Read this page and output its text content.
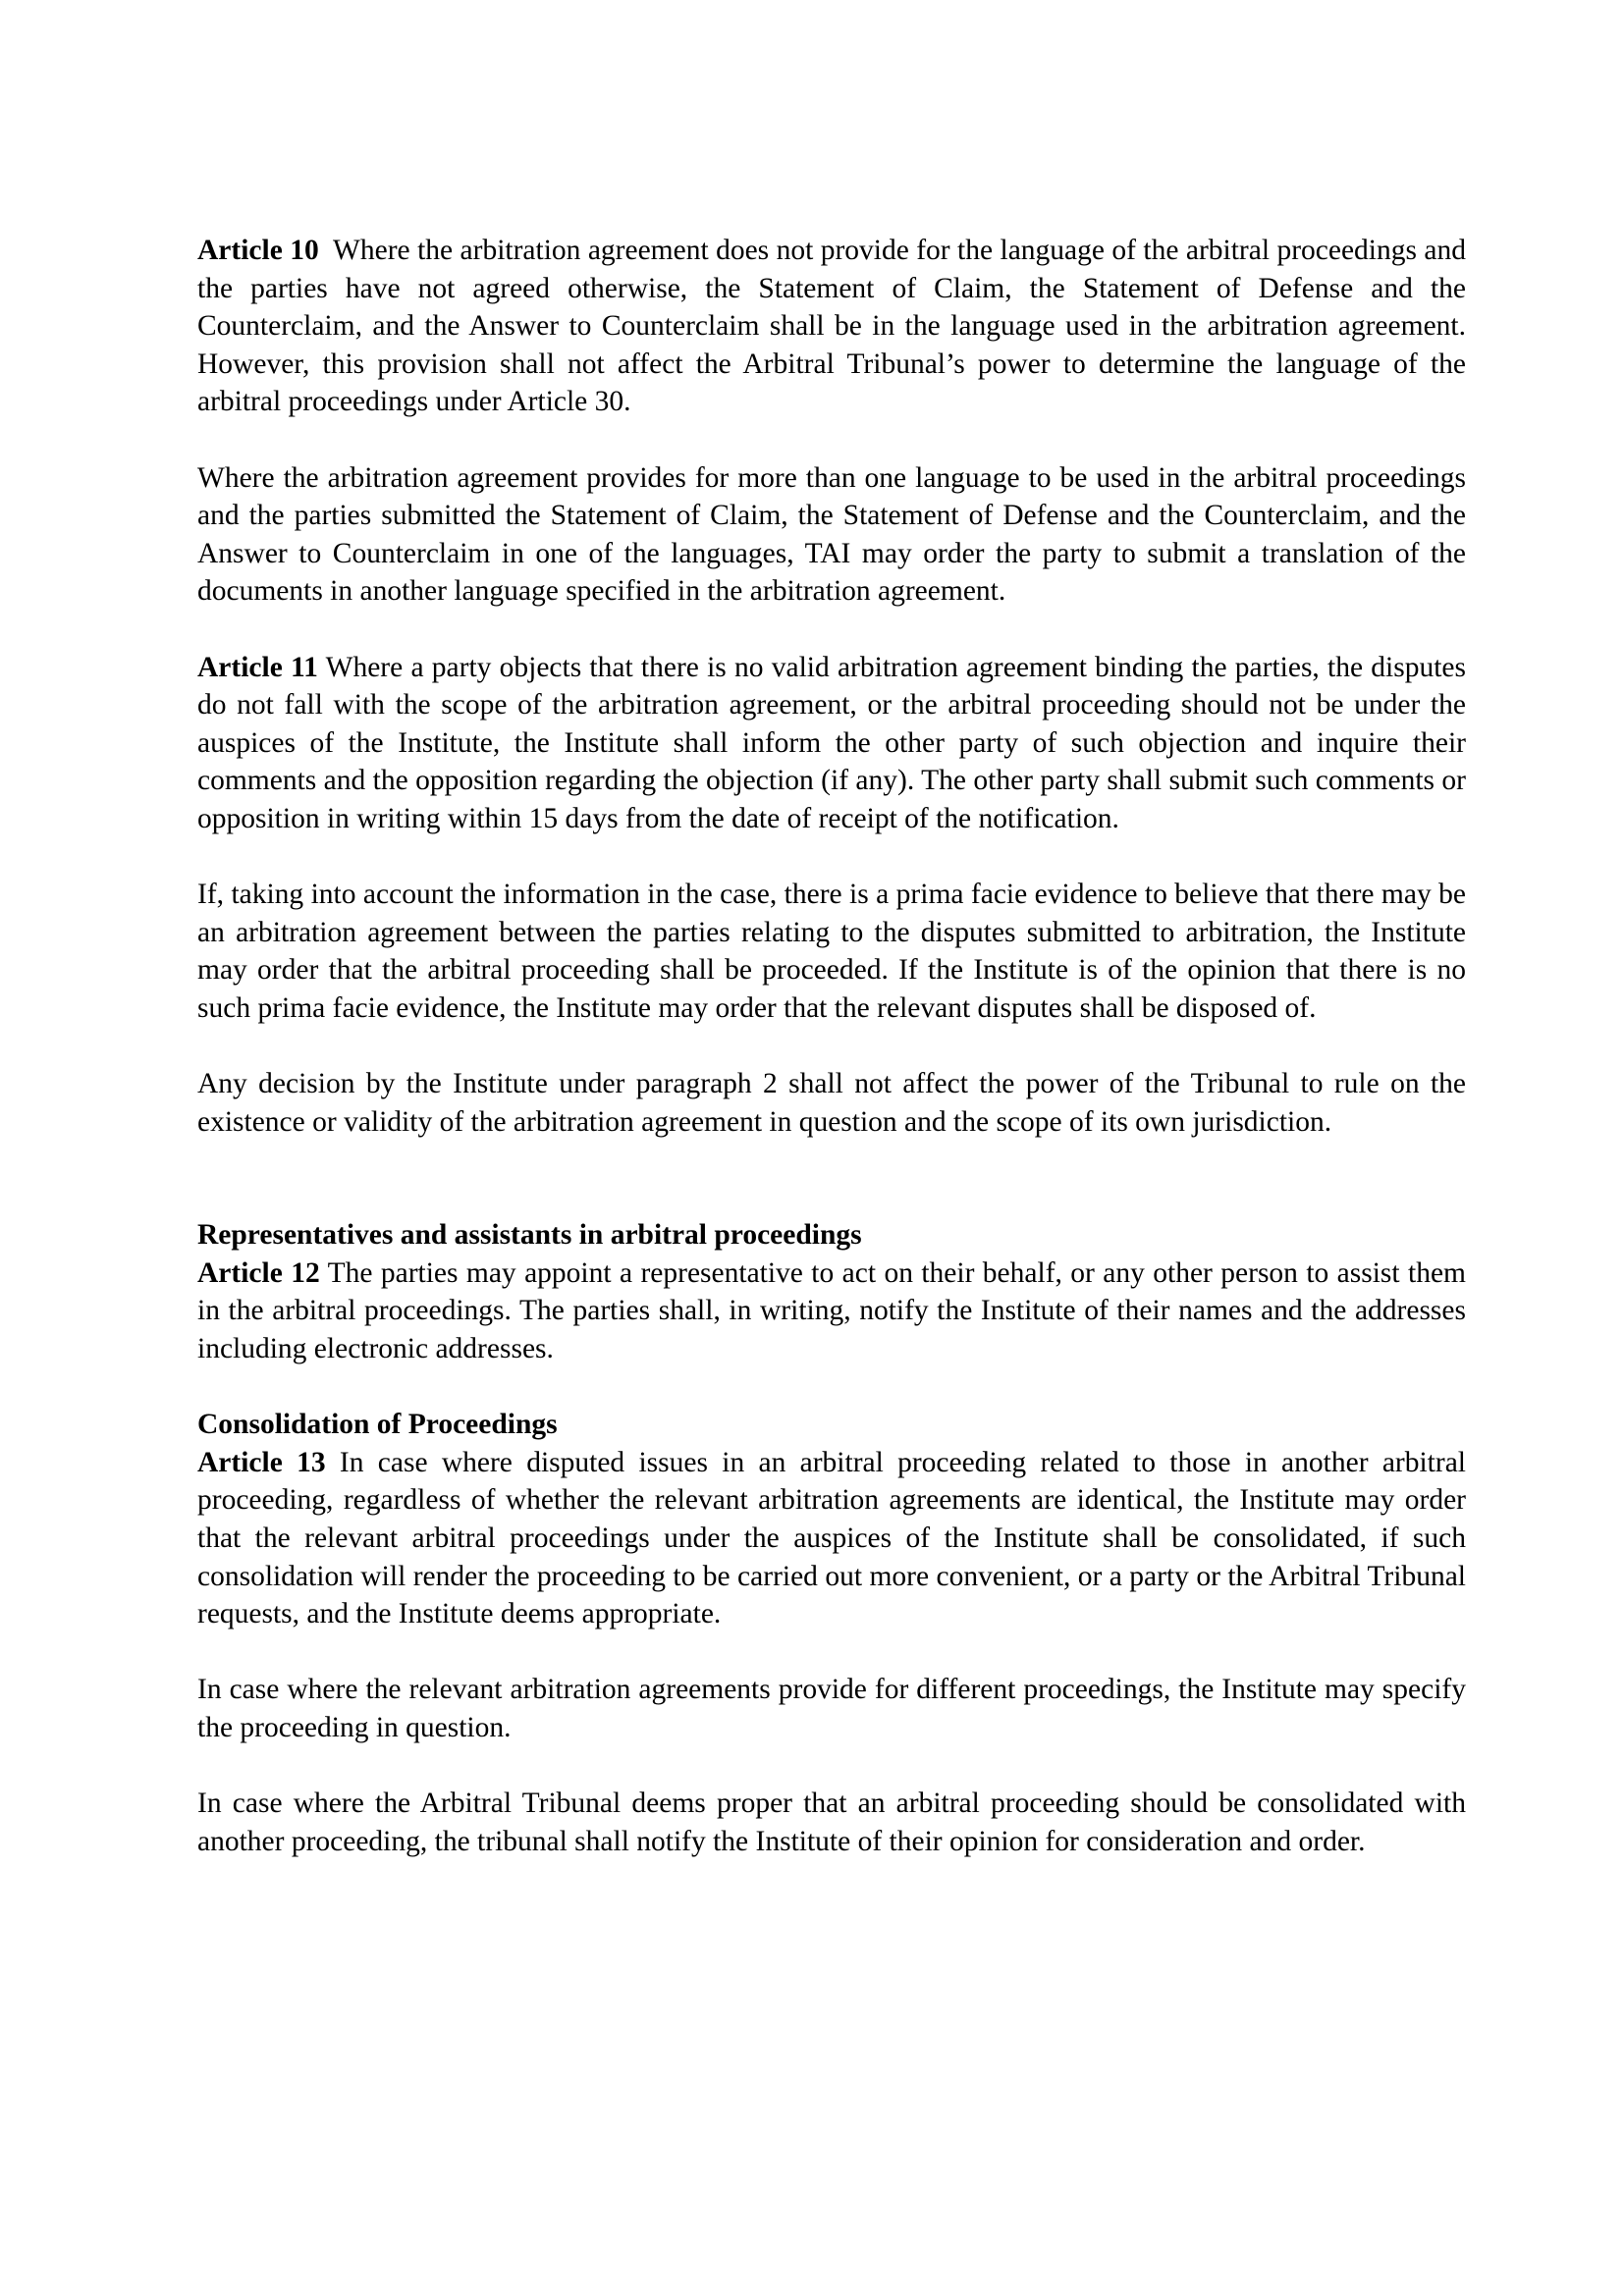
Article 10  Where the arbitration agreement does not provide for the language of the arbitral proceedings and the parties have not agreed otherwise, the Statement of Claim, the Statement of Defense and the Counterclaim, and the Answer to Counterclaim shall be in the language used in the arbitration agreement.  However, this provision shall not affect the Arbitral Tribunal’s power to determine the language of the arbitral proceedings under Article 30.

Where the arbitration agreement provides for more than one language to be used in the arbitral proceedings and the parties submitted the Statement of Claim, the Statement of Defense and the Counterclaim, and the Answer to Counterclaim in one of the languages, TAI may order the party to submit a translation of the documents in another language specified in the arbitration agreement.

Article 11 Where a party objects that there is no valid arbitration agreement binding the parties, the disputes do not fall with the scope of the arbitration agreement, or the arbitral proceeding should not be under the auspices of the Institute, the Institute shall inform the other party of such objection and inquire their comments and the opposition regarding the objection (if any). The other party shall submit such comments or opposition in writing within 15 days from the date of receipt of the notification.

If, taking into account the information in the case, there is a prima facie evidence to believe that there may be an arbitration agreement between the parties relating to the disputes submitted to arbitration, the Institute may order that the arbitral proceeding shall be proceeded. If the Institute is of the opinion that there is no such prima facie evidence, the Institute may order that the relevant disputes shall be disposed of.

Any decision by the Institute under paragraph 2 shall not affect the power of the Tribunal to rule on the existence or validity of the arbitration agreement in question and the scope of its own jurisdiction.

Representatives and assistants in arbitral proceedings

Article 12 The parties may appoint a representative to act on their behalf, or any other person to assist them in the arbitral proceedings. The parties shall, in writing, notify the Institute of their names and the addresses including electronic addresses.

Consolidation of Proceedings

Article 13 In case where disputed issues in an arbitral proceeding related to those in another arbitral proceeding, regardless of whether the relevant arbitration agreements are identical, the Institute may order that the relevant arbitral proceedings under the auspices of the Institute shall be consolidated, if such consolidation will render the proceeding to be carried out more convenient, or a party or the Arbitral Tribunal requests, and the Institute deems appropriate.

In case where the relevant arbitration agreements provide for different proceedings, the Institute may specify the proceeding in question.

In case where the Arbitral Tribunal deems proper that an arbitral proceeding should be consolidated with another proceeding, the tribunal shall notify the Institute of their opinion for consideration and order.
